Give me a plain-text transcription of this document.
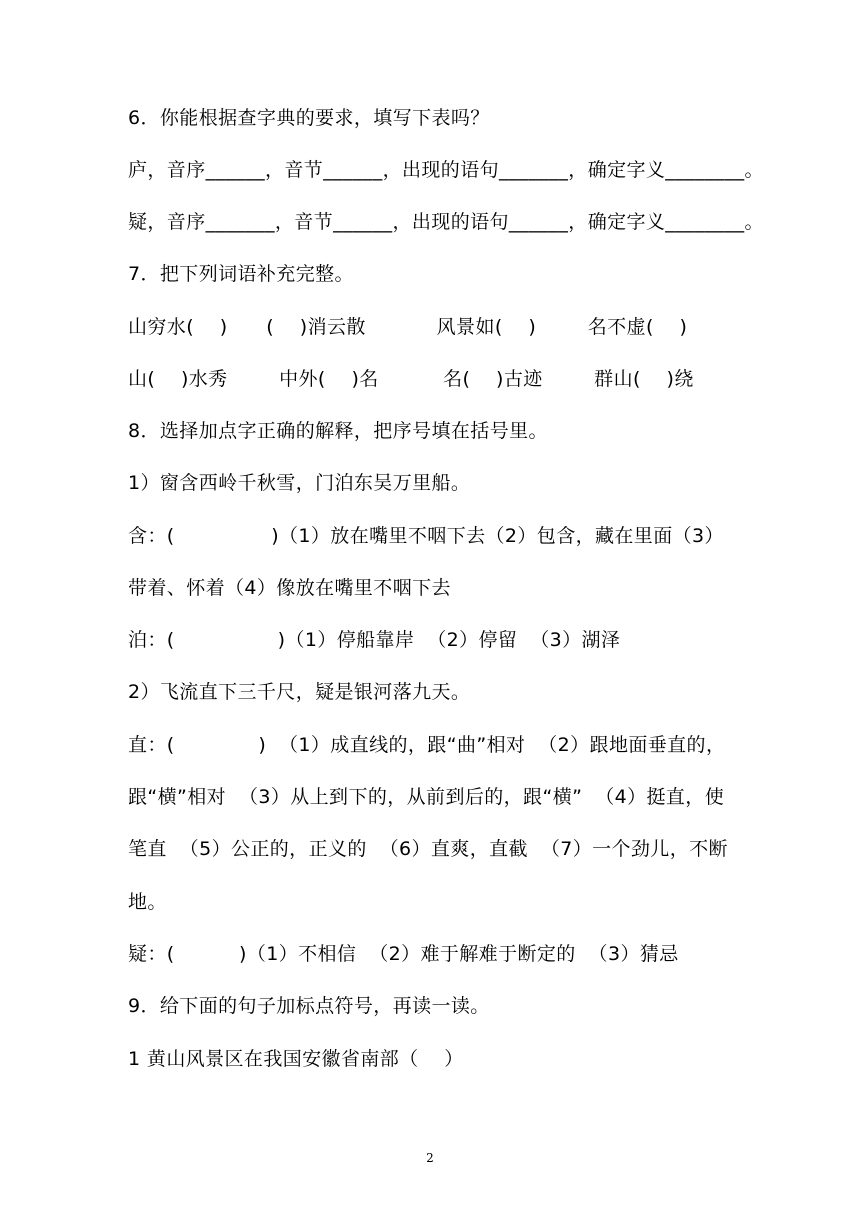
6．你能根据查字典的要求，填写下表吗？
庐，音序______，音节______，出现的语句_______，确定字义________。
疑，音序_______，音节______，出现的语句______，确定字义________。
7．把下列词语补充完整。
山穷水(    )      (    )消云散           风景如(    )        名不虚(    )
山(    )水秀        中外(    )名          名(    )古迹        群山(    )绕
8．选择加点字正确的解释，把序号填在括号里。
1）窗含西岭千秋雪，门泊东吴万里船。
含：(               )（1）放在嘴里不咽下去（2）包含，藏在里面（3）
带着、怀着（4）像放在嘴里不咽下去
泊：(                )（1）停船靠岸  （2）停留  （3）湖泽
2）飞流直下三千尺，疑是银河落九天。
直：(             )  （1）成直线的，跟“曲”相对  （2）跟地面垂直的，
跟“横”相对  （3）从上到下的，从前到后的，跟“横”  （4）挺直，使
笔直  （5）公正的，正义的  （6）直爽，直截  （7）一个劲儿，不断
地。
疑：(          )（1）不相信  （2）难于解难于断定的  （3）猜忌
9．给下面的句子加标点符号，再读一读。
1 黄山风景区在我国安徽省南部（    ）
2
